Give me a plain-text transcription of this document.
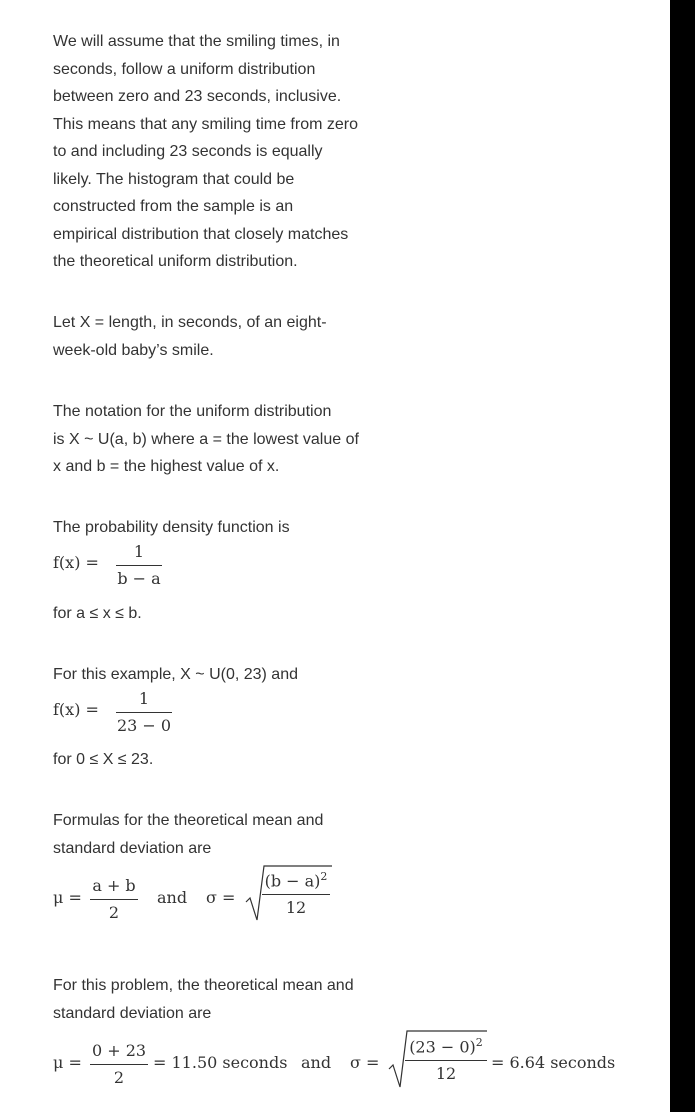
We will assume that the smiling times, in
seconds, follow a uniform distribution
between zero and 23 seconds, inclusive.
This means that any smiling time from zero
to and including 23 seconds is equally
likely. The histogram that could be
constructed from the sample is an
empirical distribution that closely matches
the theoretical uniform distribution.
Let X = length, in seconds, of an eight-
week-old baby’s smile.
The notation for the uniform distribution
is X ~ U(a, b) where a = the lowest value of
x and b = the highest value of x.
The probability density function is
f(x) =
1
b − a
for a ≤ x ≤ b.
For this example, X ~ U(0, 23) and
f(x) =
1
23 − 0
for 0 ≤ X ≤ 23.
Formulas for the theoretical mean and
standard deviation are
μ =
a + b
2
and σ =
$(b - a)^2$
12
For this problem, the theoretical mean and
standard deviation are
μ =
0 + 23
2
= 11.50 seconds and σ =
$(23 - 0)^2$
12
= 6.64 seconds
